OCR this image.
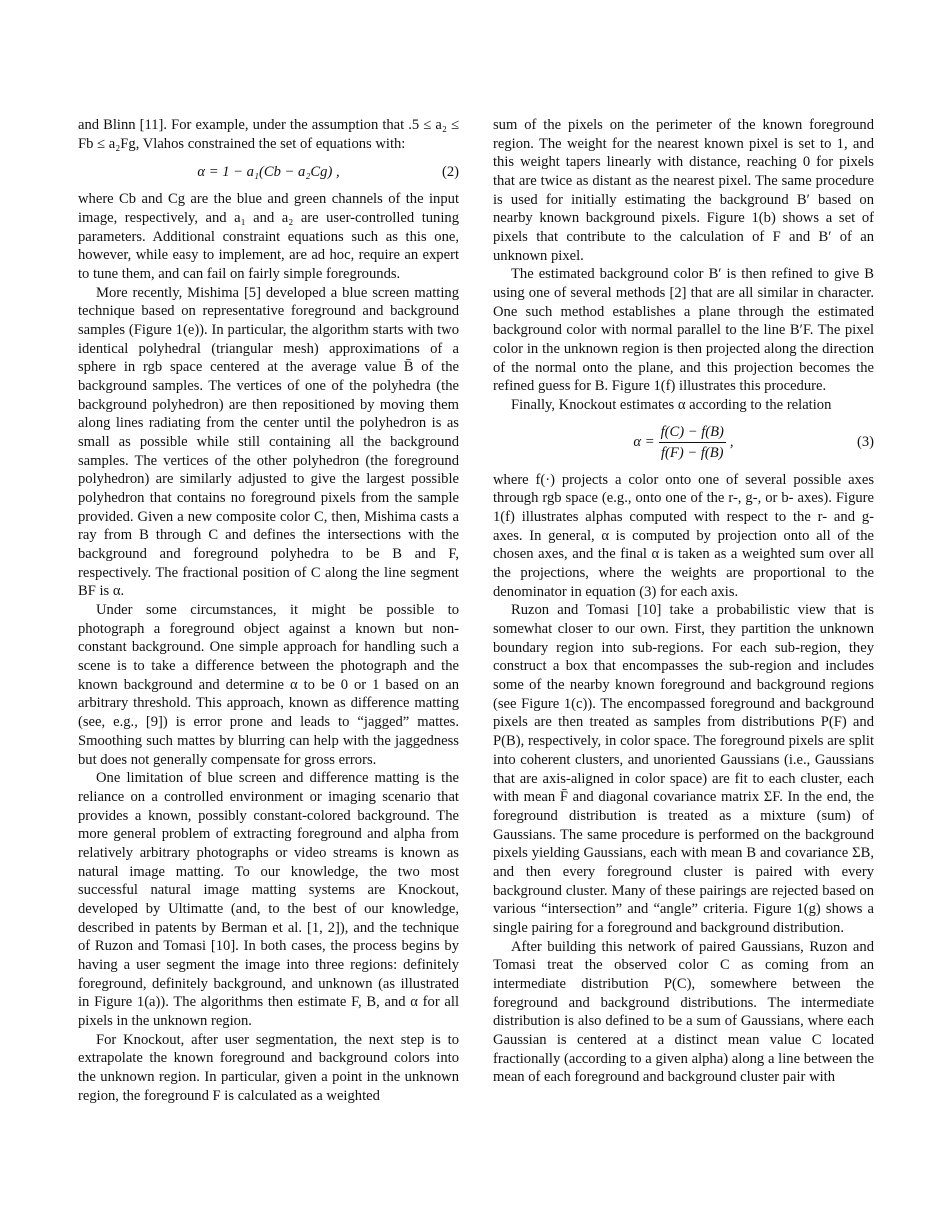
and Blinn [11]. For example, under the assumption that .5 ≤ a₂ ≤ Fb ≤ a₂Fg, Vlahos constrained the set of equations with:

α = 1 − a₁(Cb − a₂Cg) ,	(2)

where Cb and Cg are the blue and green channels of the input image, respectively, and a₁ and a₂ are user-controlled tuning parameters. Additional constraint equations such as this one, however, while easy to implement, are ad hoc, require an expert to tune them, and can fail on fairly simple foregrounds.

More recently, Mishima [5] developed a blue screen matting technique based on representative foreground and background samples (Figure 1(e)). In particular, the algorithm starts with two identical polyhedral (triangular mesh) approximations of a sphere in rgb space centered at the average value B̄ of the background samples. The vertices of one of the polyhedra (the background polyhedron) are then repositioned by moving them along lines radiating from the center until the polyhedron is as small as possible while still containing all the background samples. The vertices of the other polyhedron (the foreground polyhedron) are similarly adjusted to give the largest possible polyhedron that contains no foreground pixels from the sample provided. Given a new composite color C, then, Mishima casts a ray from B through C and defines the intersections with the background and foreground polyhedra to be B and F, respectively. The fractional position of C along the line segment BF is α.

Under some circumstances, it might be possible to photograph a foreground object against a known but non-constant background. One simple approach for handling such a scene is to take a difference between the photograph and the known background and determine α to be 0 or 1 based on an arbitrary threshold. This approach, known as difference matting (see, e.g., [9]) is error prone and leads to “jagged” mattes. Smoothing such mattes by blurring can help with the jaggedness but does not generally compensate for gross errors.

One limitation of blue screen and difference matting is the reliance on a controlled environment or imaging scenario that provides a known, possibly constant-colored background. The more general problem of extracting foreground and alpha from relatively arbitrary photographs or video streams is known as natural image matting. To our knowledge, the two most successful natural image matting systems are Knockout, developed by Ultimatte (and, to the best of our knowledge, described in patents by Berman et al. [1, 2]), and the technique of Ruzon and Tomasi [10]. In both cases, the process begins by having a user segment the image into three regions: definitely foreground, definitely background, and unknown (as illustrated in Figure 1(a)). The algorithms then estimate F, B, and α for all pixels in the unknown region.

For Knockout, after user segmentation, the next step is to extrapolate the known foreground and background colors into the unknown region. In particular, given a point in the unknown region, the foreground F is calculated as a weighted

sum of the pixels on the perimeter of the known foreground region. The weight for the nearest known pixel is set to 1, and this weight tapers linearly with distance, reaching 0 for pixels that are twice as distant as the nearest pixel. The same procedure is used for initially estimating the background B′ based on nearby known background pixels. Figure 1(b) shows a set of pixels that contribute to the calculation of F and B′ of an unknown pixel.

The estimated background color B′ is then refined to give B using one of several methods [2] that are all similar in character. One such method establishes a plane through the estimated background color with normal parallel to the line B′F. The pixel color in the unknown region is then projected along the direction of the normal onto the plane, and this projection becomes the refined guess for B. Figure 1(f) illustrates this procedure.

Finally, Knockout estimates α according to the relation

$\alpha = \frac{f(C) - f(B)}{f(F) - f(B)}$ ,	(3)

where f(·) projects a color onto one of several possible axes through rgb space (e.g., onto one of the r-, g-, or b- axes). Figure 1(f) illustrates alphas computed with respect to the r- and g- axes. In general, α is computed by projection onto all of the chosen axes, and the final α is taken as a weighted sum over all the projections, where the weights are proportional to the denominator in equation (3) for each axis.

Ruzon and Tomasi [10] take a probabilistic view that is somewhat closer to our own. First, they partition the unknown boundary region into sub-regions. For each sub-region, they construct a box that encompasses the sub-region and includes some of the nearby known foreground and background regions (see Figure 1(c)). The encompassed foreground and background pixels are then treated as samples from distributions P(F) and P(B), respectively, in color space. The foreground pixels are split into coherent clusters, and unoriented Gaussians (i.e., Gaussians that are axis-aligned in color space) are fit to each cluster, each with mean F̄ and diagonal covariance matrix ΣF. In the end, the foreground distribution is treated as a mixture (sum) of Gaussians. The same procedure is performed on the background pixels yielding Gaussians, each with mean B and covariance ΣB, and then every foreground cluster is paired with every background cluster. Many of these pairings are rejected based on various “intersection” and “angle” criteria. Figure 1(g) shows a single pairing for a foreground and background distribution.

After building this network of paired Gaussians, Ruzon and Tomasi treat the observed color C as coming from an intermediate distribution P(C), somewhere between the foreground and background distributions. The intermediate distribution is also defined to be a sum of Gaussians, where each Gaussian is centered at a distinct mean value C located fractionally (according to a given alpha) along a line between the mean of each foreground and background cluster pair with
